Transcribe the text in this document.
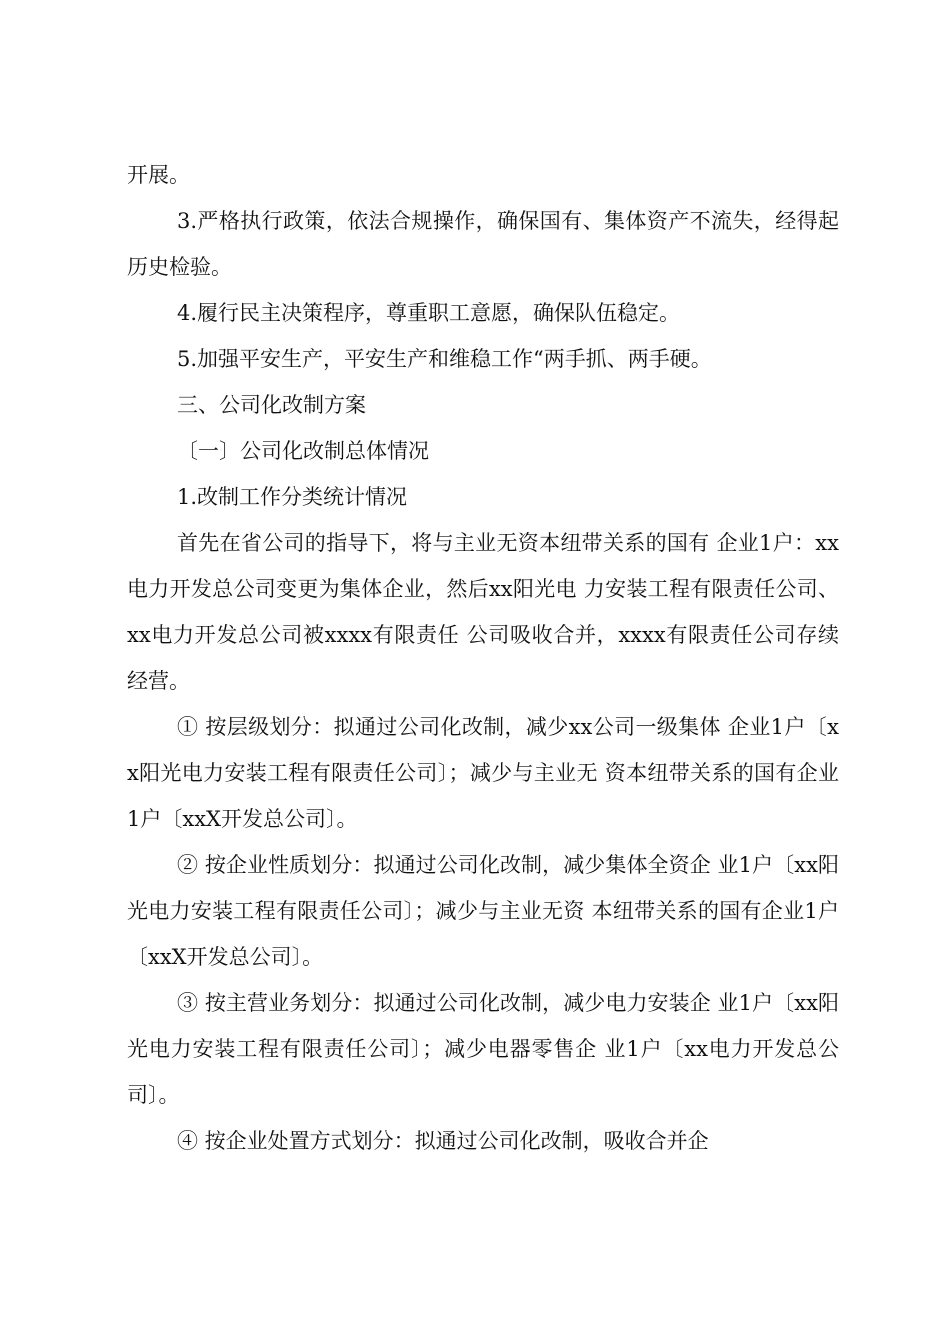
开展。

3.严格执行政策，依法合规操作，确保国有、集体资产不流失，经得起历史检验。

4.履行民主决策程序，尊重职工意愿，确保队伍稳定。

5.加强平安生产，平安生产和维稳工作“两手抓、两手硬。

三、公司化改制方案

〔一〕公司化改制总体情况

1.改制工作分类统计情况

首先在省公司的指导下，将与主业无资本纽带关系的国有 企业1户：xx电力开发总公司变更为集体企业，然后xx阳光电 力安装工程有限责任公司、xx电力开发总公司被xxxx有限责任 公司吸收合并，xxxx有限责任公司存续经营。

① 按层级划分：拟通过公司化改制，减少xx公司一级集体 企业1户〔xx阳光电力安装工程有限责任公司〕；减少与主业无 资本纽带关系的国有企业1户〔xxX开发总公司〕。

② 按企业性质划分：拟通过公司化改制，减少集体全资企 业1户〔xx阳光电力安装工程有限责任公司〕；减少与主业无资 本纽带关系的国有企业1户〔xxX开发总公司〕。

③ 按主营业务划分：拟通过公司化改制，减少电力安装企 业1户〔xx阳光电力安装工程有限责任公司〕；减少电器零售企 业1户〔xx电力开发总公司〕。

④ 按企业处置方式划分：拟通过公司化改制，吸收合并企
